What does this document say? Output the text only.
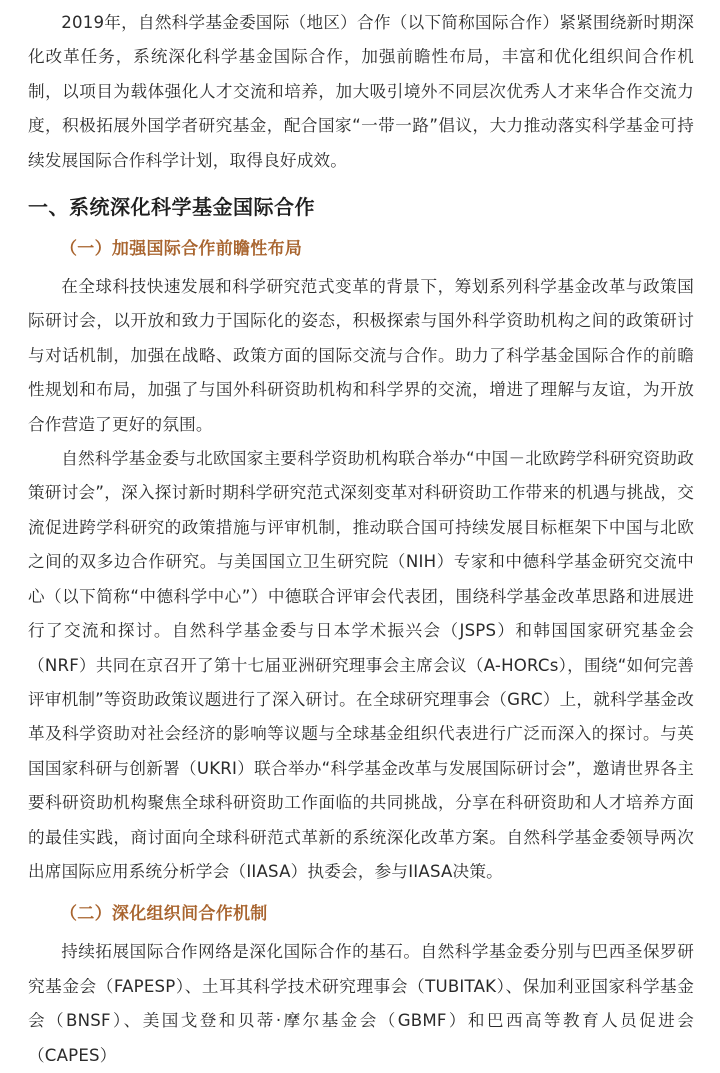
2019年，自然科学基金委国际（地区）合作（以下简称国际合作）紧紧围绕新时期深化改革任务，系统深化科学基金国际合作，加强前瞻性布局，丰富和优化组织间合作机制，以项目为载体强化人才交流和培养，加大吸引境外不同层次优秀人才来华合作交流力度，积极拓展外国学者研究基金，配合国家“一带一路”倡议，大力推动落实科学基金可持续发展国际合作科学计划，取得良好成效。

一、系统深化科学基金国际合作
（一）加强国际合作前瞻性布局

在全球科技快速发展和科学研究范式变革的背景下，筹划系列科学基金改革与政策国际研讨会，以开放和致力于国际化的姿态，积极探索与国外科学资助机构之间的政策研讨与对话机制，加强在战略、政策方面的国际交流与合作。助力了科学基金国际合作的前瞻性规划和布局，加强了与国外科研资助机构和科学界的交流，增进了理解与友谊，为开放合作营造了更好的氛围。

自然科学基金委与北欧国家主要科学资助机构联合举办“中国－北欧跨学科研究资助政策研讨会”，深入探讨新时期科学研究范式深刻变革对科研资助工作带来的机遇与挑战，交流促进跨学科研究的政策措施与评审机制，推动联合国可持续发展目标框架下中国与北欧之间的双多边合作研究。与美国国立卫生研究院（NIH）专家和中德科学基金研究交流中心（以下简称“中德科学中心”）中德联合评审会代表团，围绕科学基金改革思路和进展进行了交流和探讨。自然科学基金委与日本学术振兴会（JSPS）和韩国国家研究基金会（NRF）共同在京召开了第十七届亚洲研究理事会主席会议（A-HORCs），围绕“如何完善评审机制”等资助政策议题进行了深入研讨。在全球研究理事会（GRC）上，就科学基金改革及科学资助对社会经济的影响等议题与全球基金组织代表进行广泛而深入的探讨。与英国国家科研与创新署（UKRI）联合举办“科学基金改革与发展国际研讨会”，邀请世界各主要科研资助机构聚焦全球科研资助工作面临的共同挑战，分享在科研资助和人才培养方面的最佳实践，商讨面向全球科研范式革新的系统深化改革方案。自然科学基金委领导两次出席国际应用系统分析学会（IIASA）执委会，参与IIASA决策。

（二）深化组织间合作机制

持续拓展国际合作网络是深化国际合作的基石。自然科学基金委分别与巴西圣保罗研究基金会（FAPESP）、土耳其科学技术研究理事会（TUBITAK）、保加利亚国家科学基金会（BNSF）、美国戈登和贝蒂·摩尔基金会（GBMF）和巴西高等教育人员促进会（CAPES）
